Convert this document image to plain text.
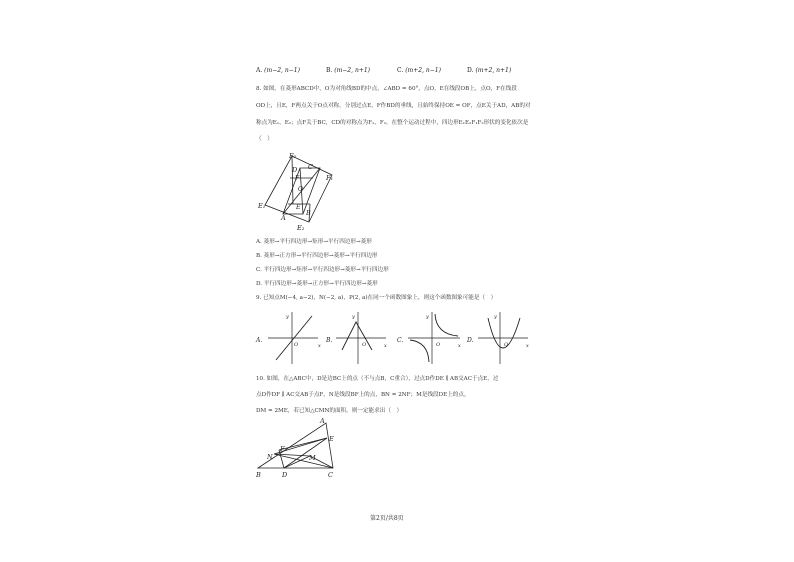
A. (m−2, n−1)	B. (m−2, n+1)	C. (m+2, n−1)	D. (m+2, n+1)
8. 如图，在菱形ABCD中，O为对角线BD的中点，∠ABD = 60°，点O，E在线段OB上，点O，F在线段
OD上，且E，F两点关于O点对称，分别过点E，F作BD的垂线，且始终保持OE = OF，点E关于AD，AB的对
称点为E₁，E₂；点F关于BC，CD的对称点为F₁，F₂，在整个运动过程中，四边形E₁E₂F₁F₂形状的变化依次是
（　）
F₂
C
D
F	F₁
O
E
E₁
A
B
E₂
A. 菱形→平行四边形→矩形→平行四边形→菱形
B. 菱形→正方形→平行四边形→菱形→平行四边形
C. 平行四边形→矩形→平行四边形→菱形→平行四边形
D. 平行四边形→菱形→正方形→平行四边形→菱形
9. 已知点M(−4, a−2)，N(−2, a)，P(2, a)在同一个函数图象上，则这个函数图象可能是（　）
A.
x
y
O
B.
x
y
O
C.
x
y
O
D.
x
y
O
10. 如图，在△ABC中，D是边BC上的点（不与点B，C重合），过点D作DE ∥ AB交AC于点E，过
点D作DF ∥ AC交AB于点F，N是线段BF上的点，BN = 2NF；M是线段DE上的点，
DM = 2ME，若已知△CMN的面积，则一定能求出（　）
A
E
F
N	M
B	D	C
第2页/共8页
